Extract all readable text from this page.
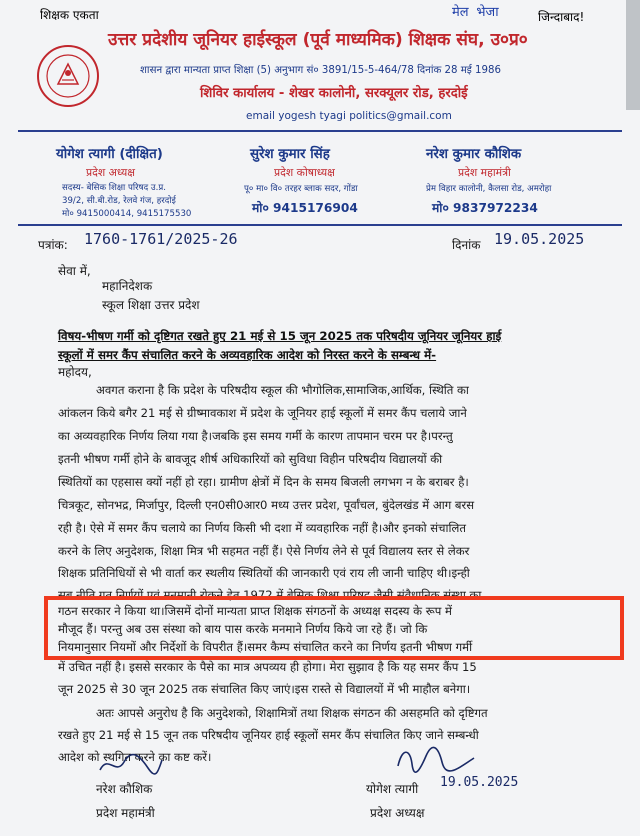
शिक्षक एकता	मेल भेजा	जिन्दाबाद!
उत्तर प्रदेशीय जूनियर हाईस्कूल (पूर्व माध्यमिक) शिक्षक संघ, उ०प्र०
शासन द्वारा मान्यता प्राप्त शिक्षा (5) अनुभाग सं० 3891/15-5-464/78 दिनांक 28 मई 1986
शिविर कार्यालय - शेखर कालोनी, सरक्यूलर रोड, हरदोई
email yogesh tyagi politics@gmail.com
योगेश त्यागी (दीक्षित)
प्रदेश अध्यक्ष
सदस्य- बेसिक शिक्षा परिषद उ.प्र.
39/2, सी.बी.रोड, रेलवे गंज, हरदोई
मो० 9415000414, 9415175530
सुरेश कुमार सिंह
प्रदेश कोषाध्यक्ष
पू० मा० वि० तरहर ब्लाक सदर, गोंडा
मो० 9415176904
नरेश कुमार कौशिक
प्रदेश महामंत्री
प्रेम विहार कालोनी, कैलसा रोड, अमरोहा
मो० 9837972234
पत्रांक: 1760-1761/2025-26	दिनांक 19.05.2025
सेवा में,
महानिदेशक
स्कूल शिक्षा उत्तर प्रदेश
विषय-भीषण गर्मी को दृष्टिगत रखते हुए 21 मई से 15 जून 2025 तक परिषदीय जूनियर जूनियर हाई
स्कूलों में समर कैंप संचालित करने के अव्यवहारिक आदेश को निरस्त करने के सम्बन्ध में-
महोदय,
अवगत कराना है कि प्रदेश के परिषदीय स्कूल की भौगोलिक,सामाजिक,आर्थिक, स्थिति का
आंकलन किये बगैर 21 मई से ग्रीष्मावकाश में प्रदेश के जूनियर हाई स्कूलों में समर कैंप चलाये जाने
का अव्यवहारिक निर्णय लिया गया है।जबकि इस समय गर्मी के कारण तापमान चरम पर है।परन्तु
इतनी भीषण गर्मी होने के बावजूद शीर्ष अधिकारियों को सुविधा विहीन परिषदीय विद्यालयों की
स्थितियों का एहसास क्यों नहीं हो रहा। ग्रामीण क्षेत्रों में दिन के समय बिजली लगभग न के बराबर है।
चित्रकूट, सोनभद्र, मिर्जापुर, दिल्ली एन0सी0आर0 मध्य उत्तर प्रदेश, पूर्वांचल, बुंदेलखंड में आग बरस
रही है। ऐसे में समर कैंप चलाये का निर्णय किसी भी दशा में व्यवहारिक नहीं है।और इनको संचालित
करने के लिए अनुदेशक, शिक्षा मित्र भी सहमत नहीं हैं। ऐसे निर्णय लेने से पूर्व विद्यालय स्तर से लेकर
शिक्षक प्रतिनिधियों से भी वार्ता कर स्थलीय स्थितियों की जानकारी एवं राय ली जानी चाहिए थी।इन्ही
सब नीति गत निर्णयों एवं मनमानी रोकने हेत 1972 में बेसिक शिक्षा परिषद जैसी संवैधानिक संस्था का
गठन सरकार ने किया था।जिसमें दोनों मान्यता प्राप्त शिक्षक संगठनों के अध्यक्ष सदस्य के रूप में
मौजूद हैं। परन्तु अब उस संस्था को बाय पास करके मनमाने निर्णय किये जा रहे हैं। जो कि
नियमानुसार नियमों और निर्देशों के विपरीत हैं।समर कैम्प संचालित करने का निर्णय इतनी भीषण गर्मी
में उचित नहीं है। इससे सरकार के पैसे का मात्र अपव्यय ही होगा। मेरा सुझाव है कि यह समर कैंप 15
जून 2025 से 30 जून 2025 तक संचालित किए जाएं।इस रास्ते से विद्यालयों में भी माहौल बनेगा।
अतः आपसे अनुरोध है कि अनुदेशको, शिक्षामित्रों तथा शिक्षक संगठन की असहमति को दृष्टिगत
रखते हुए 21 मई से 15 जून तक परिषदीय जूनियर हाई स्कूलों समर कैंप संचालित किए जाने सम्बन्धी
आदेश को स्थगित करने का कष्ट करें।
नरेश कौशिक
प्रदेश महामंत्री
योगेश त्यागी 19.05.2025
प्रदेश अध्यक्ष
